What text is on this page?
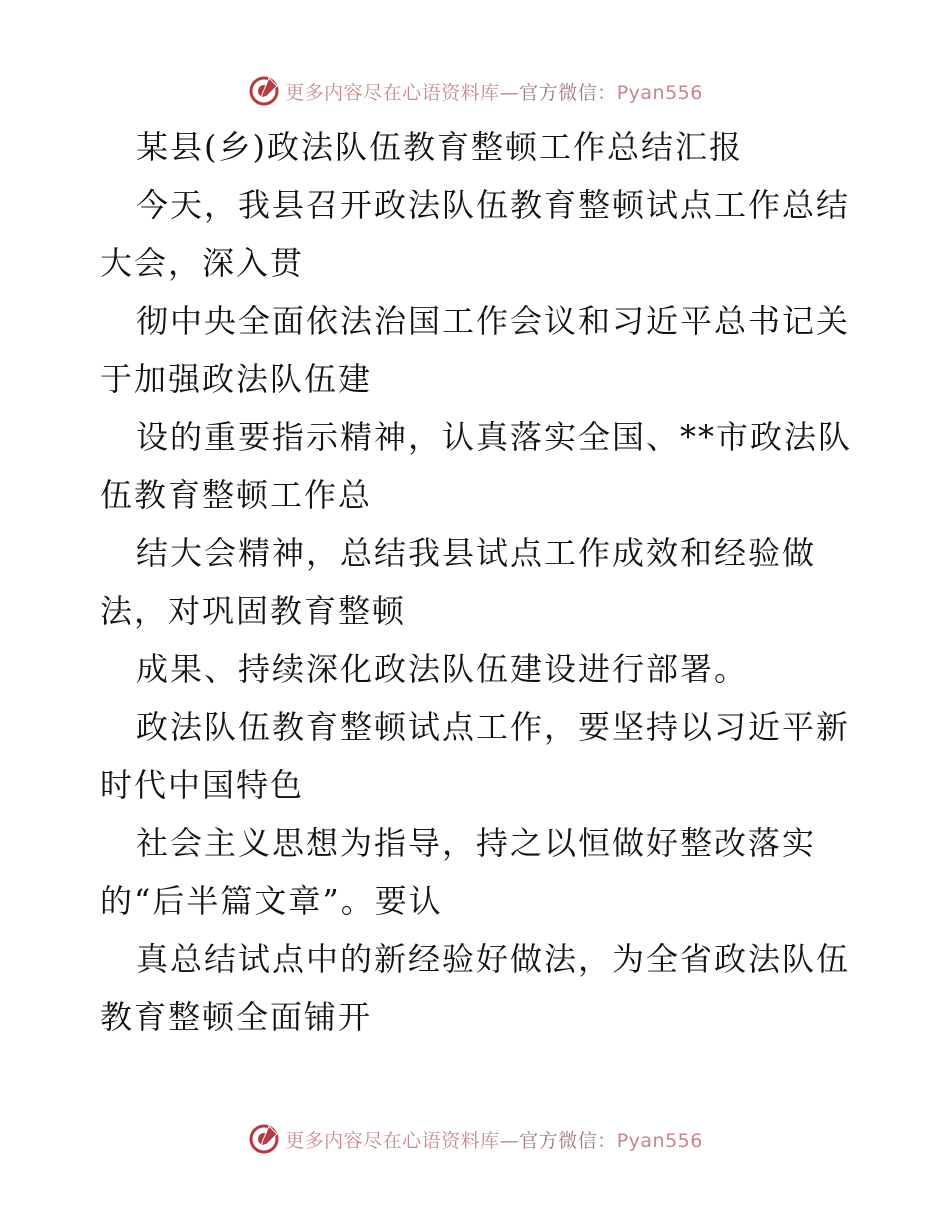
更多内容尽在心语资料库—官方微信：Pyan556
某县(乡)政法队伍教育整顿工作总结汇报
今天，我县召开政法队伍教育整顿试点工作总结
大会，深入贯
彻中央全面依法治国工作会议和习近平总书记关
于加强政法队伍建
设的重要指示精神，认真落实全国、**市政法队
伍教育整顿工作总
结大会精神，总结我县试点工作成效和经验做
法，对巩固教育整顿
成果、持续深化政法队伍建设进行部署。
政法队伍教育整顿试点工作，要坚持以习近平新
时代中国特色
社会主义思想为指导，持之以恒做好整改落实
的“后半篇文章”。要认
真总结试点中的新经验好做法，为全省政法队伍
教育整顿全面铺开
更多内容尽在心语资料库—官方微信：Pyan556
